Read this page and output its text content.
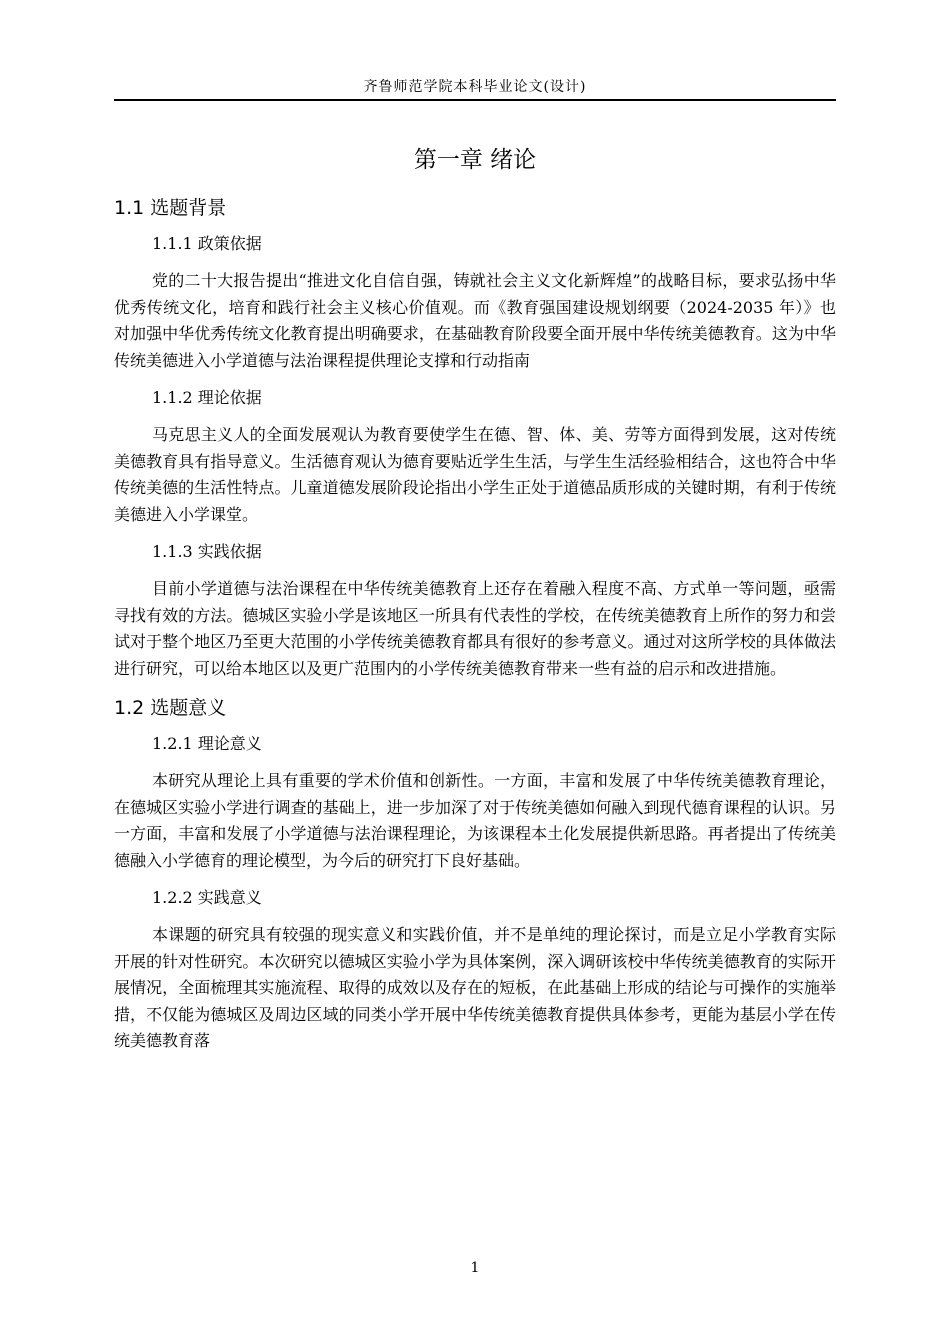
齐鲁师范学院本科毕业论文(设计)
第一章 绪论
1.1 选题背景
1.1.1 政策依据

党的二十大报告提出“推进文化自信自强，铸就社会主义文化新辉煌”的战略目标，要求弘扬中华优秀传统文化，培育和践行社会主义核心价值观。而《教育强国建设规划纲要（2024-2035 年）》也对加强中华优秀传统文化教育提出明确要求，在基础教育阶段要全面开展中华传统美德教育。这为中华传统美德进入小学道德与法治课程提供理论支撑和行动指南

1.1.2 理论依据

马克思主义人的全面发展观认为教育要使学生在德、智、体、美、劳等方面得到发展，这对传统美德教育具有指导意义。生活德育观认为德育要贴近学生生活，与学生生活经验相结合，这也符合中华传统美德的生活性特点。儿童道德发展阶段论指出小学生正处于道德品质形成的关键时期，有利于传统美德进入小学课堂。

1.1.3 实践依据

目前小学道德与法治课程在中华传统美德教育上还存在着融入程度不高、方式单一等问题，亟需寻找有效的方法。德城区实验小学是该地区一所具有代表性的学校，在传统美德教育上所作的努力和尝试对于整个地区乃至更大范围的小学传统美德教育都具有很好的参考意义。通过对这所学校的具体做法进行研究，可以给本地区以及更广范围内的小学传统美德教育带来一些有益的启示和改进措施。

1.2 选题意义
1.2.1 理论意义

本研究从理论上具有重要的学术价值和创新性。一方面，丰富和发展了中华传统美德教育理论，在德城区实验小学进行调查的基础上，进一步加深了对于传统美德如何融入到现代德育课程的认识。另一方面，丰富和发展了小学道德与法治课程理论，为该课程本土化发展提供新思路。再者提出了传统美德融入小学德育的理论模型，为今后的研究打下良好基础。

1.2.2 实践意义

本课题的研究具有较强的现实意义和实践价值，并不是单纯的理论探讨，而是立足小学教育实际开展的针对性研究。本次研究以德城区实验小学为具体案例，深入调研该校中华传统美德教育的实际开展情况，全面梳理其实施流程、取得的成效以及存在的短板，在此基础上形成的结论与可操作的实施举措，不仅能为德城区及周边区域的同类小学开展中华传统美德教育提供具体参考，更能为基层小学在传统美德教育落

1
